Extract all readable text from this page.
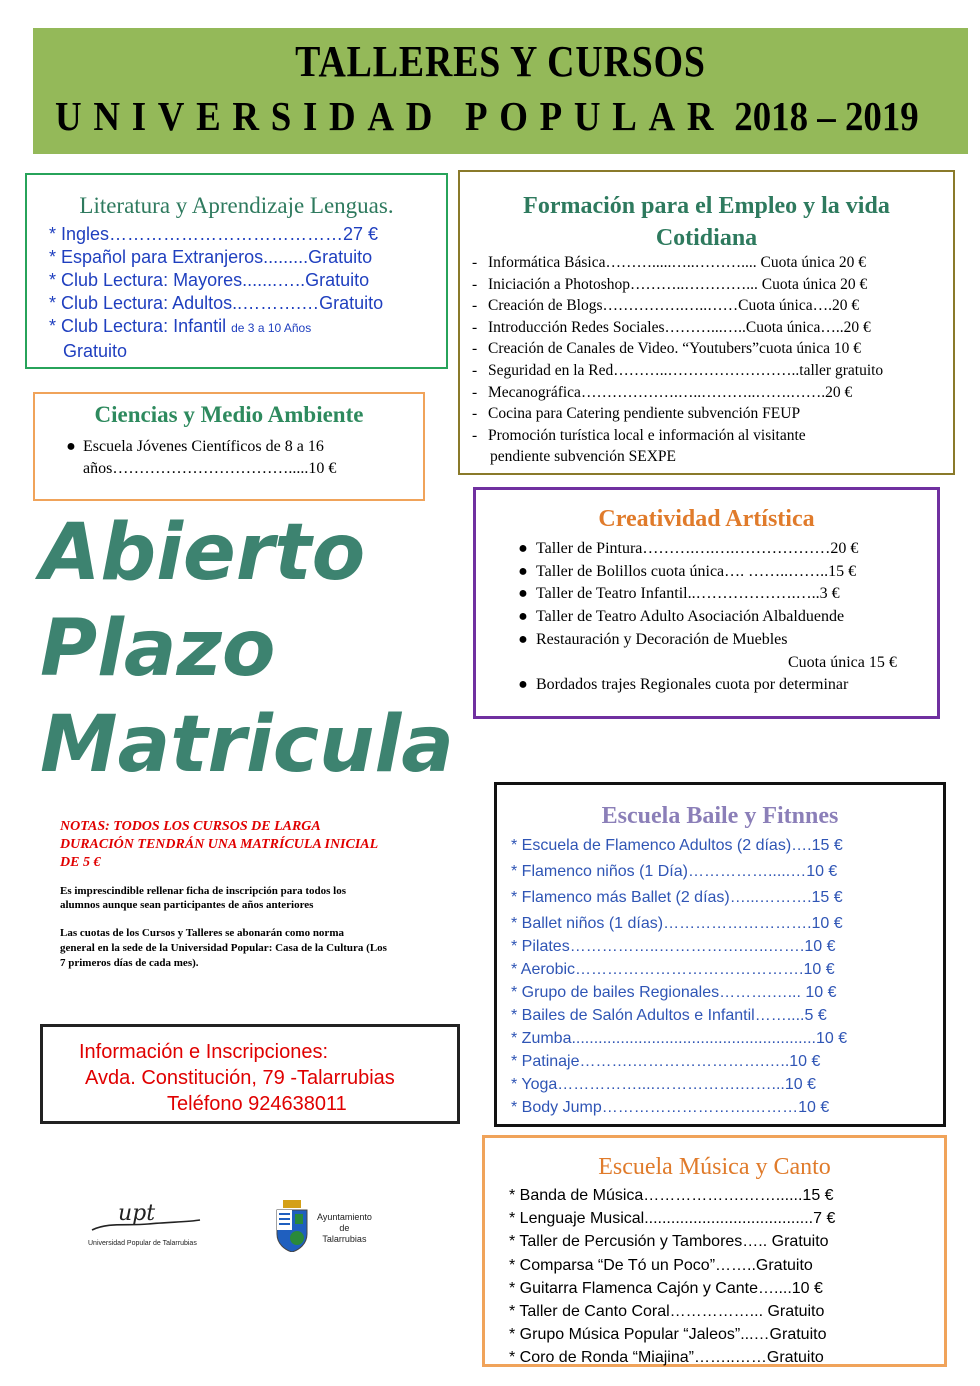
TALLERES Y CURSOS
UNIVERSIDAD POPULAR 2018 – 2019
Literatura y Aprendizaje Lenguas.
* Ingles…………………………………27 €
* Español para Extranjeros.........Gratuito
* Club Lectura: Mayores.......…..Gratuito
* Club Lectura: Adultos..……….…Gratuito
* Club Lectura: Infantil de 3 a 10 Años
Gratuito
Ciencias y Medio Ambiente
● Escuela Jóvenes Científicos de 8 a 16
años…………………………….....10 €
Abierto
Plazo
Matricula
NOTAS: TODOS LOS CURSOS DE LARGA
DURACIÓN TENDRÁN UNA MATRÍCULA INICIAL
DE 5 €
Es imprescindible rellenar ficha de inscripción para todos los
alumnos aunque sean participantes de años anteriores
Las cuotas de los Cursos y Talleres se abonarán como norma
general en la sede de la Universidad Popular: Casa de la Cultura (Los
7 primeros días de cada mes).
Información e Inscripciones:
Avda. Constitución, 79 -Talarrubias
Teléfono 924638011
upt
Universidad Popular de Talarrubias
Ayuntamiento
de
Talarrubias
Formación para el Empleo y la vida
Cotidiana
- Informática Básica……….....…..……….... Cuota única 20 €
- Iniciación a Photoshop………..…………... Cuota única 20 €
- Creación de Blogs…………….…..……Cuota única….20 €
- Introducción Redes Sociales………...…..Cuota única…..20 €
- Creación de Canales de Video. “Youtubers”cuota única 10 €
- Seguridad en la Red………..……………………..taller gratuito
- Mecanográfica……………….…..………..…….…….20 €
- Cocina para Catering pendiente subvención FEUP
- Promoción turística local e información al visitante
pendiente subvención SEXPE
Creatividad Artística
● Taller de Pintura……….….….………………20 €
● Taller de Bolillos cuota única…. ……..……..15 €
● Taller de Teatro Infantil..……………….…..3 €
● Taller de Teatro Adulto Asociación Albalduende
● Restauración y Decoración de Muebles
Cuota única 15 €
● Bordados trajes Regionales cuota por determinar
Escuela Baile y Fitnnes
* Escuela de Flamenco Adultos (2 días)….15 €
* Flamenco niños (1 Día)…………….....…10 €
* Flamenco más Ballet (2 días)…...……….15 €
* Ballet niños (1 días)……………………….10 €
* Pilates……………..…………….…..…….10 €
* Aerobic…………………………………….10 €
* Grupo de bailes Regionales……….…... 10 €
* Bailes de Salón Adultos e Infantil……....5 €
* Zumba.......................................................10 €
* Patinaje……….…………………….…..10 €
* Yoga……………....…………….……...10 €
* Body Jump……………………….………10 €
Escuela Música y Canto
* Banda de Música……………….……......15 €
* Lenguaje Musical......................................7 €
* Taller de Percusión y Tambores….. Gratuito
* Comparsa “De Tó un Poco”……..Gratuito
* Guitarra Flamenca Cajón y Cante…....10 €
* Taller de Canto Coral……………... Gratuito
* Grupo Música Popular “Jaleos”...…Gratuito
* Coro de Ronda “Miajina”……..……Gratuito
